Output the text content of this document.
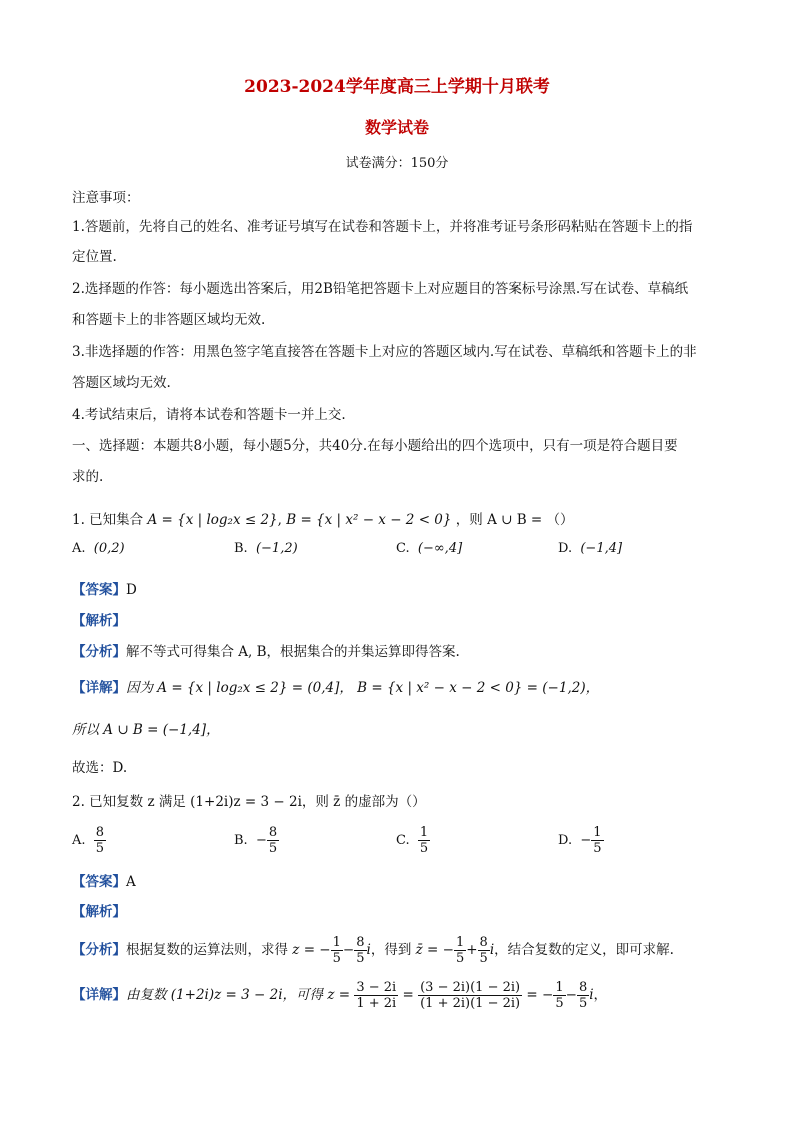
2023-2024学年度高三上学期十月联考
数学试卷
试卷满分：150分
注意事项：
1.答题前，先将自己的姓名、准考证号填写在试卷和答题卡上，并将准考证号条形码粘贴在答题卡上的指
定位置.
2.选择题的作答：每小题选出答案后，用2B铅笔把答题卡上对应题目的答案标号涂黑.写在试卷、草稿纸
和答题卡上的非答题区域均无效.
3.非选择题的作答：用黑色签字笔直接答在答题卡上对应的答题区域内.写在试卷、草稿纸和答题卡上的非
答题区域均无效.
4.考试结束后，请将本试卷和答题卡一并上交.
一、选择题：本题共8小题，每小题5分，共40分.在每小题给出的四个选项中，只有一项是符合题目要
求的.
1. 已知集合 A = {x | log₂x ≤ 2}, B = {x | x² − x − 2 < 0} ，则 A ∪ B = （）
A. (0,2)	B. (−1,2)	C. (−∞,4]	D. (−1,4]
【答案】D
【解析】
【分析】解不等式可得集合 A, B，根据集合的并集运算即得答案.
【详解】因为 A = {x | log₂x ≤ 2} = (0,4]， B = {x | x² − x − 2 < 0} = (−1,2)，
所以 A ∪ B = (−1,4]，
故选：D.
2. 已知复数 z 满足 (1+2i)z = 3 − 2i，则 z̄ 的虚部为（）
A. $\frac{8}{5}$	B. − $\frac{8}{5}$	C. $\frac{1}{5}$	D. − $\frac{1}{5}$
【答案】A
【解析】
【分析】根据复数的运算法则，求得 z = − $\frac{1}{5} - \frac{8}{5}$ i，得到 z̄ = − $\frac{1}{5} + \frac{8}{5}$ i，结合复数的定义，即可求解.
【详解】由复数 (1+2i)z = 3 − 2i，可得 $z = \frac{3 - 2i}{1 + 2i} = \frac{(3 - 2i)(1 - 2i)}{(1 + 2i)(1 - 2i)}$ = − $\frac{1}{5} - \frac{8}{5}$ i，
